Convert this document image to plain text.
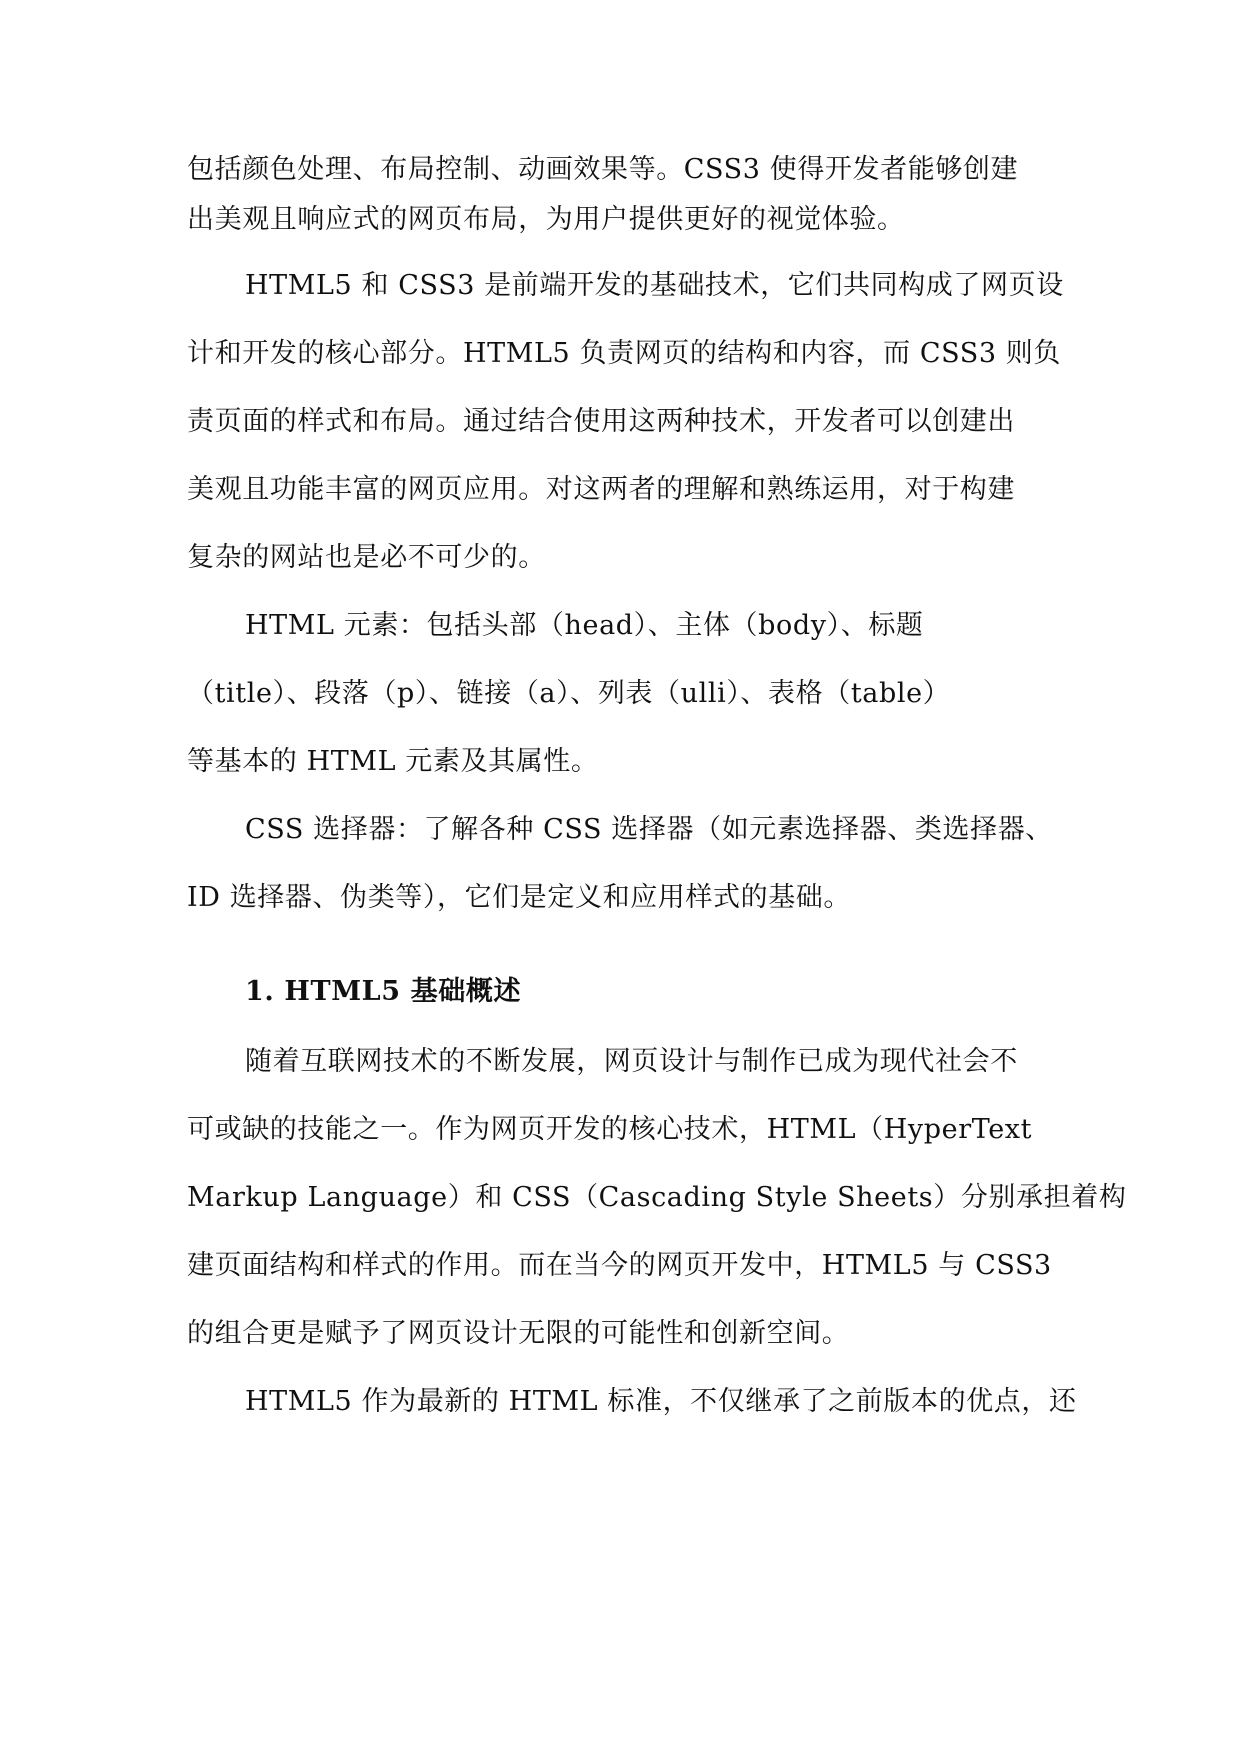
包括颜色处理、布局控制、动画效果等。CSS3 使得开发者能够创建
出美观且响应式的网页布局，为用户提供更好的视觉体验。
HTML5 和 CSS3 是前端开发的基础技术，它们共同构成了网页设
计和开发的核心部分。HTML5 负责网页的结构和内容，而 CSS3 则负
责页面的样式和布局。通过结合使用这两种技术，开发者可以创建出
美观且功能丰富的网页应用。对这两者的理解和熟练运用，对于构建
复杂的网站也是必不可少的。
HTML 元素：包括头部（head）、主体（body）、标题
（title）、段落（p）、链接（a）、列表（ulli）、表格（table）
等基本的 HTML 元素及其属性。
CSS 选择器：了解各种 CSS 选择器（如元素选择器、类选择器、
ID 选择器、伪类等），它们是定义和应用样式的基础。
1. HTML5 基础概述
随着互联网技术的不断发展，网页设计与制作已成为现代社会不
可或缺的技能之一。作为网页开发的核心技术，HTML（HyperText
Markup Language）和 CSS（Cascading Style Sheets）分别承担着构
建页面结构和样式的作用。而在当今的网页开发中，HTML5 与 CSS3
的组合更是赋予了网页设计无限的可能性和创新空间。
HTML5 作为最新的 HTML 标准，不仅继承了之前版本的优点，还
